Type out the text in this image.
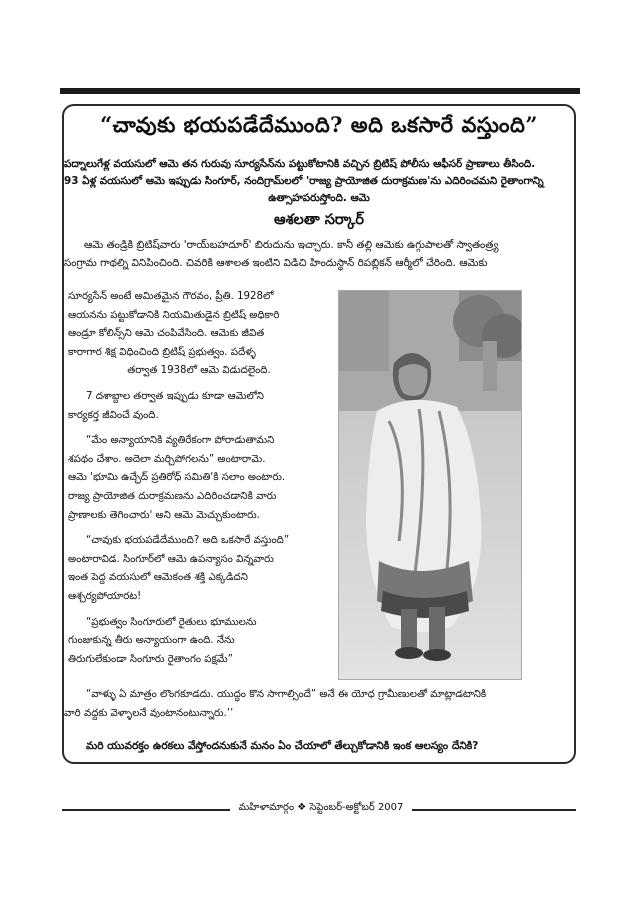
“చావుకు భయపడేదేముంది? అది ఒకసారే వస్తుంది”
పద్నాలుగేళ్ల వయసులో ఆమె తన గురువు సూర్యసేన్‌ను పట్టుకోటానికి వచ్చిన బ్రిటిష్ పోలీసు ఆఫీసర్ ప్రాణాలు తీసింది.
93 ఏళ్ల వయసులో ఆమె ఇప్పుడు సింగూర్, నందిగ్రామ్‌లలో 'రాజ్య ప్రాయోజిత దురాక్రమణ'ను ఎదిరించమని రైతాంగాన్ని
ఉత్సాహపరుస్తోంది. ఆమె
ఆశలతా సర్కార్
ఆమె తండ్రికి బ్రిటిష్‌వారు 'రాయ్‌బహదూర్' బిరుదును ఇచ్చారు. కానీ తల్లి ఆమెకు ఉగ్గుపాలతో స్వాతంత్ర్య
సంగ్రామ గాథల్ని వినిపించింది. చివరికి ఆశాలత ఇంటిని విడిచి హిందుస్థాన్ రిపబ్లికన్ ఆర్మీలో చేరింది. ఆమెకు

సూర్యసేన్ అంటే అమితమైన గౌరవం, ప్రీతి. 1928లో
ఆయనను పట్టుకోడానికి నియమితుడైన బ్రిటిష్ అధికారి
ఆండ్రూ కోలిన్స్‌ని ఆమె చంపివేసింది. ఆమెకు జీవిత
కారాగార శిక్ష విధించింది బ్రిటిష్ ప్రభుత్వం. పదేళ్ళ
తర్వాత 1938లో ఆమె విడుదలైంది.

7 దశాబ్దాల తర్వాత ఇప్పుడు కూడా ఆమెలోని
కార్యకర్త జీవించే వుంది.

“మేం అన్యాయానికి వ్యతిరేకంగా పోరాడుతామని
శపథం చేశాం. అదెలా మర్చిపోగలను” అంటారామె.
ఆమె 'భూమి ఉచ్ఛేద్ ప్రతిరోధ్ సమితి'కి సలాం అంటారు.
రాజ్య ప్రాయోజిత దురాక్రమణను ఎదిరించడానికి వారు
ప్రాణాలకు తెగించారు' అని ఆమె మెచ్చుకుంటారు.

“చావుకు భయపడేదేముంది? అది ఒకసారే వస్తుంది”
అంటారావిడ. సింగూర్‌లో ఆమె ఉపన్యాసం విన్నవారు
ఇంత పెద్ద వయసులో ఆమెకంత శక్తి ఎక్కడిదని
ఆశ్చర్యపోయారట!

“ప్రభుత్వం సింగూరులో రైతులు భూములను
గుంజుకున్న తీరు అన్యాయంగా ఉంది. నేను
తిరుగులేకుండా సింగూరు రైతాంగం పక్షమే”

“వాళ్ళు ఏ మాత్రం లొంగకూడదు. యుద్ధం కొన సాగాల్సిందే” అనే ఈ యోధ గ్రామీణులతో మాట్లాడటానికి
వారి వద్దకు వెళ్ళాలనే వుంటానంటున్నారు.’’
మరి యువరక్తం ఉరకలు వేస్తోందనుకునే మనం ఏం చేయాలో తేల్చుకోడానికి ఇంక ఆలస్యం దేనికి?
మహిళామార్గం ❖ సెప్టెంబర్-అక్టోబర్ 2007
